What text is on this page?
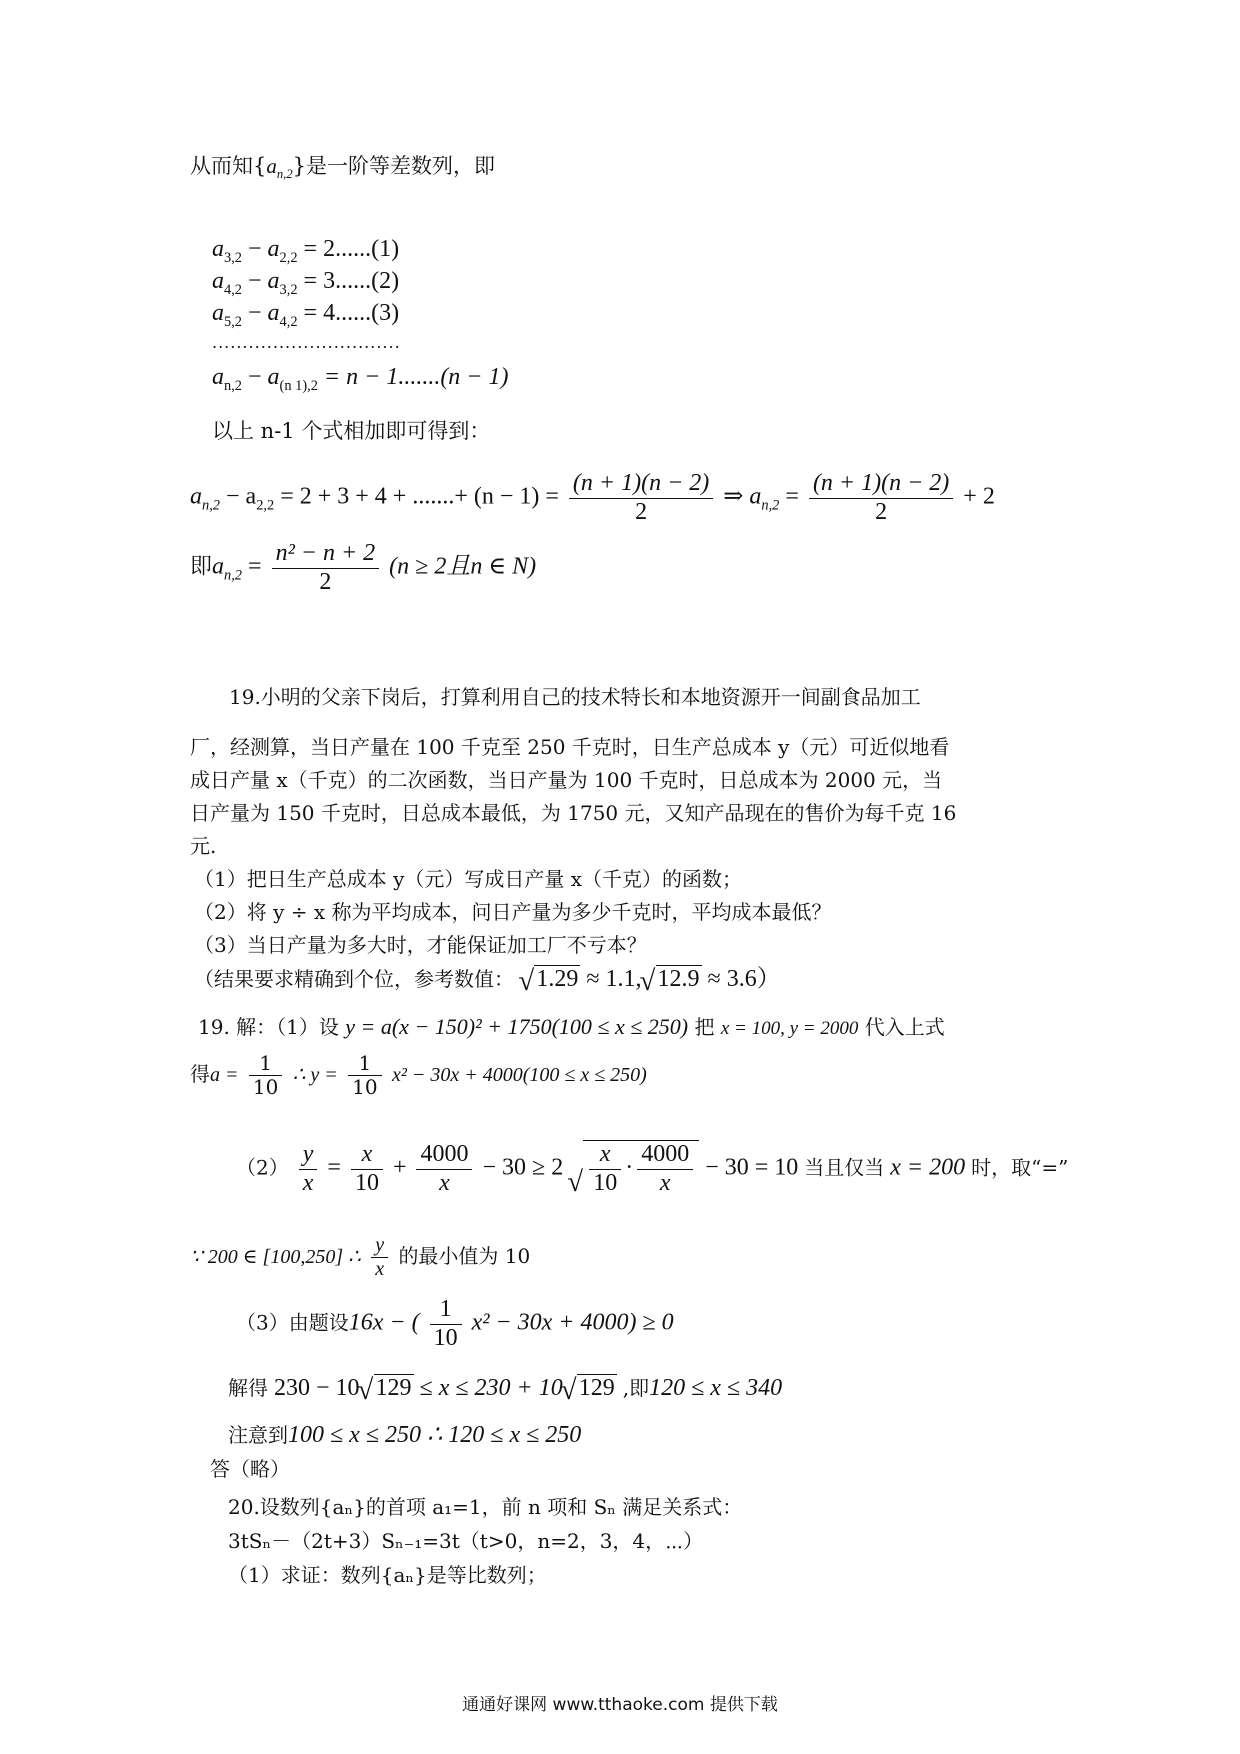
从而知$\{a_{n,2}\}$是一阶等差数列，即
$a_{3,2} - a_{2,2} = 2......(1)$
$a_{4,2} - a_{3,2} = 3......(2)$
$a_{5,2} - a_{4,2} = 4......(3)$
...............................
$a_{n,2} - a_{(n 1),2} = n - 1.......(n - 1)$
以上 n-1 个式相加即可得到：
$a_{n,2} - a_{2,2} = 2 + 3 + 4$ + .......+ $(n - 1) = \frac{(n + 1)(n - 2)}{2}$ ⇒ $a_{n,2} = \frac{(n + 1)(n - 2)}{2} + 2$
即$a_{n,2} = \frac{\text{n² − n + 2}}{2} (n \ge 2$且n ∈ N)
19.小明的父亲下岗后，打算利用自己的技术特长和本地资源开一间副食品加工
厂，经测算，当日产量在 100 千克至 250 千克时，日生产总成本 y（元）可近似地看
成日产量 x（千克）的二次函数，当日产量为 100 千克时，日总成本为 2000 元，当
日产量为 150 千克时，日总成本最低，为 1750 元，又知产品现在的售价为每千克 16
元.
（1）把日生产总成本 y（元）写成日产量 x（千克）的函数；
（2）将 y ÷ x 称为平均成本，问日产量为多少千克时，平均成本最低？
（3）当日产量为多大时，才能保证加工厂不亏本？
（结果要求精确到个位，参考数值： √ 1.29 ≈ 1.1, √ 12.9 ≈ 3.6）
19. 解：（1）设 y = a(x − 150)² + 1750(100 ≤ x ≤ 250) 把 x = 100, y = 2000 代入上式
得$a = \frac{1}{10}$ ∴ $y = \frac{1}{10} x^2 - 30x + 4000(100 \le x \le 250)$
$(2) \frac{y}{x} = \frac{x}{10} + \frac{4000}{x} - 30 \ge 2$ √ $\frac{x}{10} \cdot \frac{4000}{x} - 30 = 10$ 当且仅当 x = 200 时，取“=”
∵ 200 ∈ [100,250] ∴ $\frac{y}{x}$ 的最小值为 10
（3）由题设16x − ( $\frac{1}{10} x^2 - 30x + 4000) \ge 0$
解得 230 − 10 √ 129 ≤ x ≤ 230 + 10 √ 129 ,即120 ≤ x ≤ 340
注意到100 ≤ x ≤ 250 ∴ 120 ≤ x ≤ 250
答（略）
20.设数列{aₙ}的首项 a₁=1，前 n 项和 Sₙ 满足关系式：
3tSₙ－（2t+3）Sₙ₋₁=3t（t>0，n=2，3，4，⋯）
（1）求证：数列{aₙ}是等比数列；
通通好课网 www.tthaoke.com 提供下载
